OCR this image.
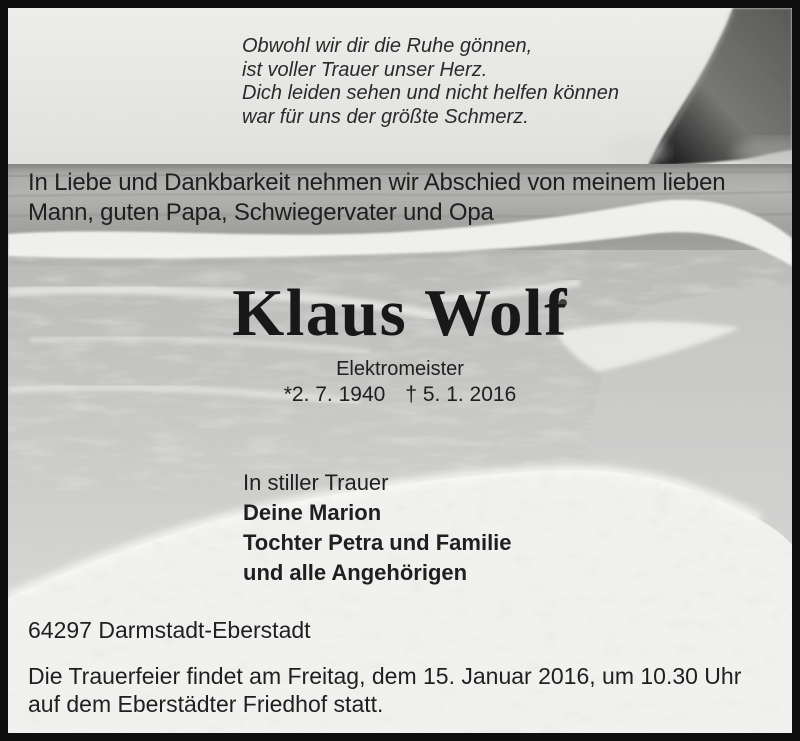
Obwohl wir dir die Ruhe gönnen,
ist voller Trauer unser Herz.
Dich leiden sehen und nicht helfen können
war für uns der größte Schmerz.
In Liebe und Dankbarkeit nehmen wir Abschied von meinem lieben
Mann, guten Papa, Schwiegervater und Opa
Klaus Wolf
Elektromeister
*2. 7. 1940 † 5. 1. 2016
In stiller Trauer
Deine Marion
Tochter Petra und Familie
und alle Angehörigen
64297 Darmstadt-Eberstadt
Die Trauerfeier findet am Freitag, dem 15. Januar 2016, um 10.30 Uhr
auf dem Eberstädter Friedhof statt.
